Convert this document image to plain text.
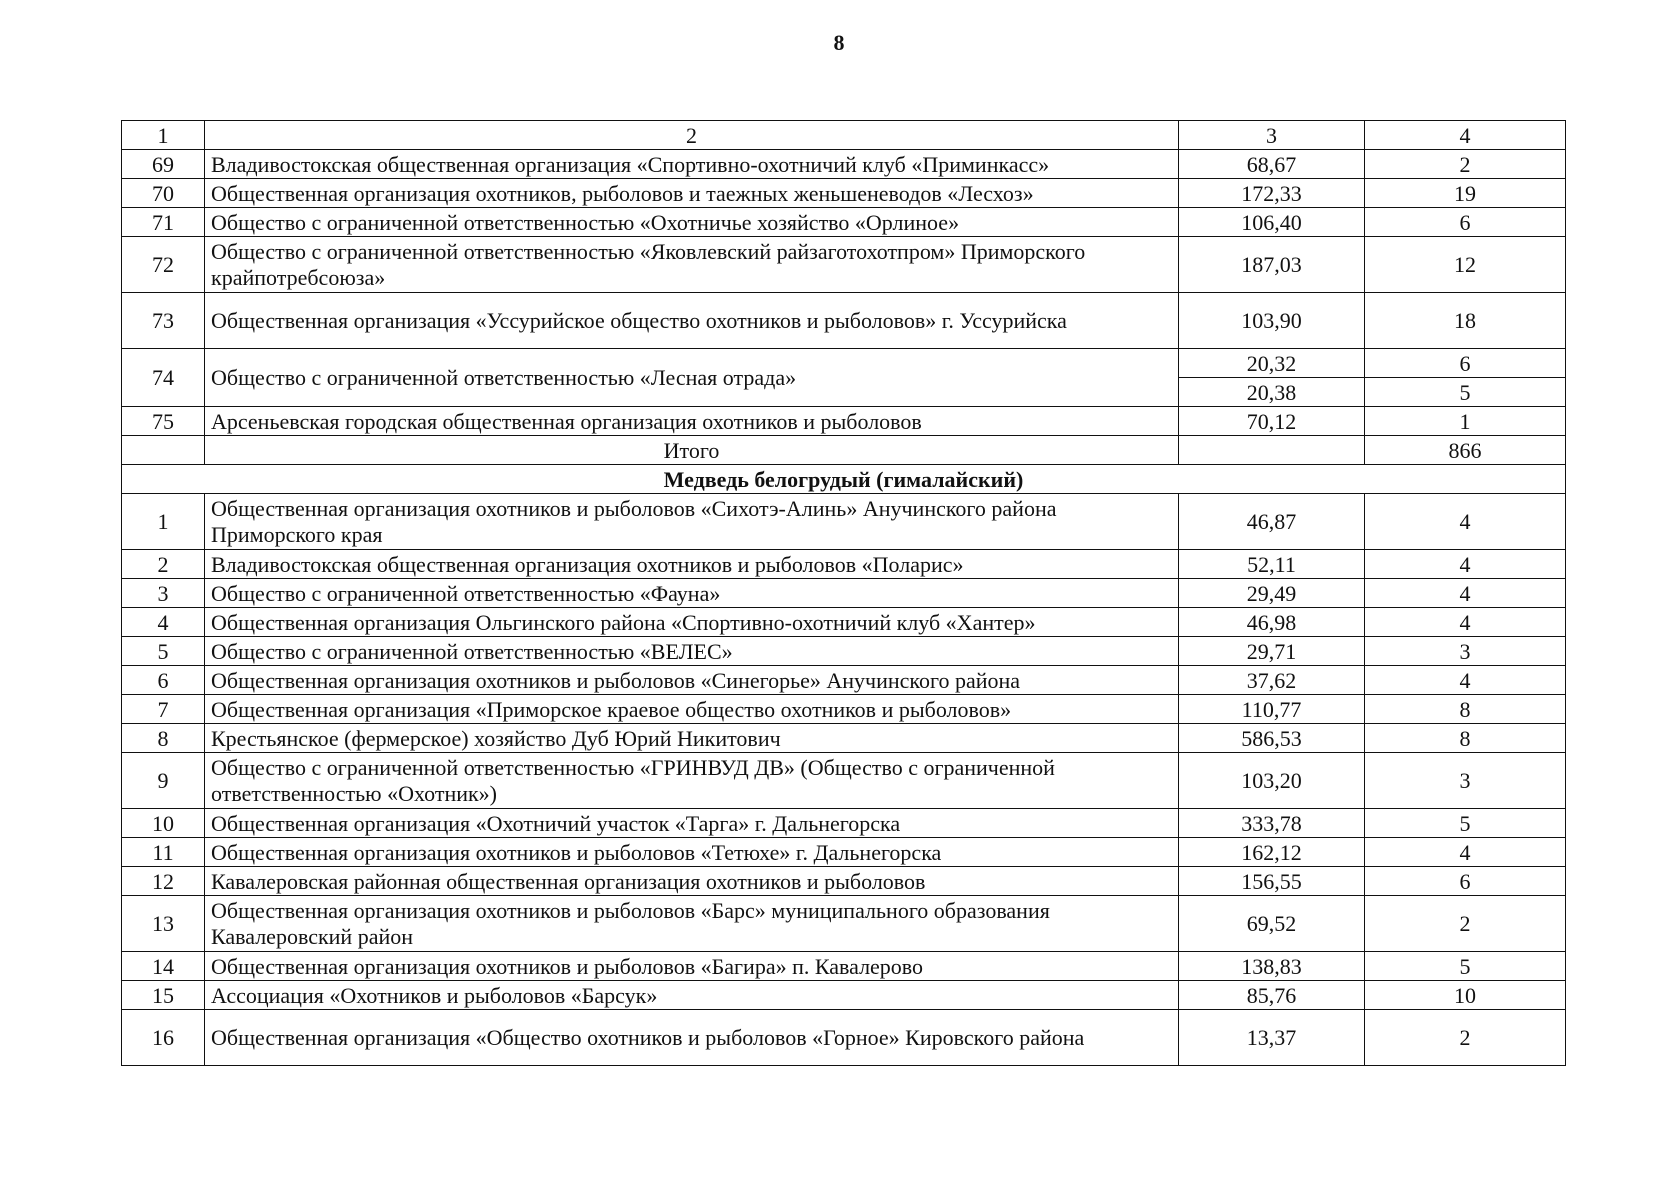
8
1	2	3	4
69	Владивостокская общественная организация «Спортивно-охотничий клуб «Приминкасс»	68,67	2
70	Общественная организация охотников, рыболовов и таежных женьшеневодов «Лесхоз»	172,33	19
71	Общество с ограниченной ответственностью «Охотничье хозяйство «Орлиное»	106,40	6
72	Общество с ограниченной ответственностью «Яковлевский райзаготохотпром» Приморского крайпотребсоюза»	187,03	12
73	Общественная организация «Уссурийское общество охотников и рыболовов» г. Уссурийска	103,90	18
74	Общество с ограниченной ответственностью «Лесная отрада»	20,32	6
		20,38	5
75	Арсеньевская городская общественная организация охотников и рыболовов	70,12	1
	Итого		866
Медведь белогрудый (гималайский)			
1	Общественная организация охотников и рыболовов «Сихотэ-Алинь» Анучинского района Приморского края	46,87	4
2	Владивостокская общественная организация охотников и рыболовов «Поларис»	52,11	4
3	Общество с ограниченной ответственностью «Фауна»	29,49	4
4	Общественная организация Ольгинского района «Спортивно-охотничий клуб «Хантер»	46,98	4
5	Общество с ограниченной ответственностью «ВЕЛЕС»	29,71	3
6	Общественная организация охотников и рыболовов «Синегорье» Анучинского района	37,62	4
7	Общественная организация «Приморское краевое общество охотников и рыболовов»	110,77	8
8	Крестьянское (фермерское) хозяйство Дуб Юрий Никитович	586,53	8
9	Общество с ограниченной ответственностью «ГРИНВУД ДВ» (Общество с ограниченной ответственностью «Охотник»)	103,20	3
10	Общественная организация «Охотничий участок «Тарга» г. Дальнегорска	333,78	5
11	Общественная организация охотников и рыболовов «Тетюхе» г. Дальнегорска	162,12	4
12	Кавалеровская районная общественная организация охотников и рыболовов	156,55	6
13	Общественная организация охотников и рыболовов «Барс» муниципального образования Кавалеровский район	69,52	2
14	Общественная организация охотников и рыболовов «Багира» п. Кавалерово	138,83	5
15	Ассоциация «Охотников и рыболовов «Барсук»	85,76	10
16	Общественная организация «Общество охотников и рыболовов «Горное» Кировского района	13,37	2
